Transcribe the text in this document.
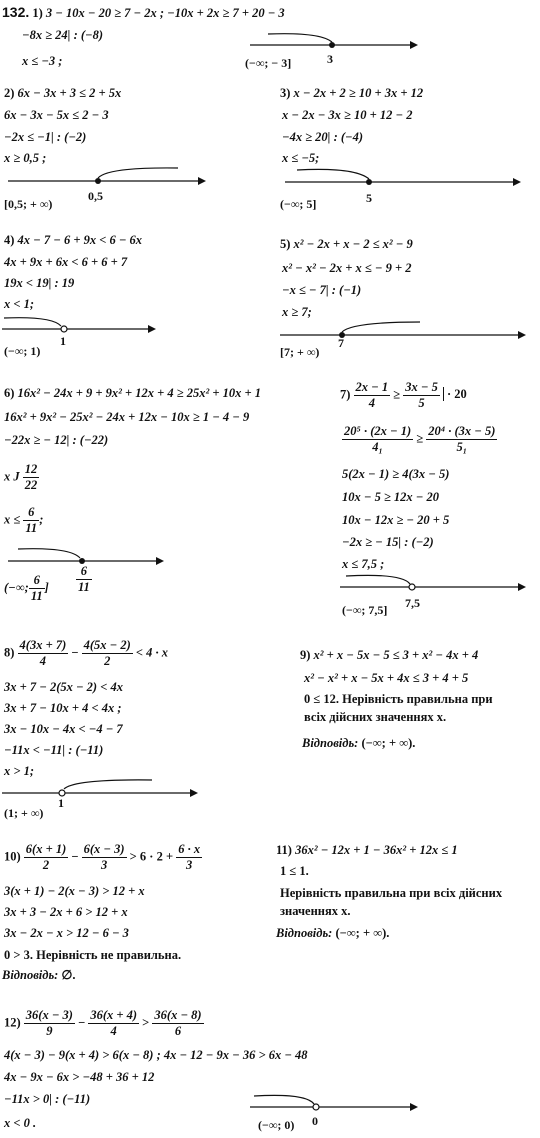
132. 1) 3 − 10x − 20 ≥ 7 − 2x ; −10x + 2x ≥ 7 + 20 − 3
−8x ≥ 24| : (−8)
x ≤ −3 ;	3
(−∞; − 3]
2) 6x − 3x + 3 ≤ 2 + 5x
6x − 3x − 5x ≤ 2 − 3
−2x ≤ −1| : (−2)
x ≥ 0,5 ;
0,5
[0,5; + ∞)
3) x − 2x + 2 ≥ 10 + 3x + 12
x − 2x − 3x ≥ 10 + 12 − 2
−4x ≥ 20| : (−4)
x ≤ −5;
5
(−∞; 5]
4) 4x − 7 − 6 + 9x < 6 − 6x
4x + 9x + 6x < 6 + 6 + 7
19x < 19| : 19
x < 1;
1
(−∞; 1)
5) x² − 2x + x − 2 ≤ x² − 9
x² − x² − 2x + x ≤ − 9 + 2
−x ≤ − 7| : (−1)
x ≥ 7;
7
[7; + ∞)
6) 16x² − 24x + 9 + 9x² + 12x + 4 ≥ 25x² + 10x + 1
16x² + 9x² − 25x² − 24x + 12x − 10x ≥ 1 − 4 − 9
−22x ≥ − 12| : (−22)
x J $\frac{12}{22}$
$x \le \frac{6}{11}$ ;
$\frac{6}{11}$
(−∞; $\frac{6}{11}$ ]
$7) \frac{2x - 1}{4} \ge \frac{3x - 5}{5} \cdot 20$
$\frac{\text{20⁵ · (2x − 1)}}{\text{4₁}} \ge \frac{\text{20⁴ · (3x − 5)}}{\text{5₁}}$
5(2x − 1) ≥ 4(3x − 5)
10x − 5 ≥ 12x − 20
10x − 12x ≥ − 20 + 5
−2x ≥ − 15| : (−2)
x ≤ 7,5 ;
7,5
(−∞; 7,5]
$8) \frac{4(3x + 7)}{4} - \frac{4(5x - 2)}{2} < 4 \cdot x$
3x + 7 − 2(5x − 2) < 4x
3x + 7 − 10x + 4 < 4x ;
3x − 10x − 4x < −4 − 7
−11x < −11| : (−11)
x > 1;
1
(1; + ∞)
9) x² + x − 5x − 5 ≤ 3 + x² − 4x + 4
x² − x² + x − 5x + 4x ≤ 3 + 4 + 5
0 ≤ 12. Нерівність правильна при
всіх дійсних значеннях x.
Відповідь: (−∞; + ∞).
$10) \frac{6(x + 1)}{2} - \frac{6(x - 3)}{3} > 6 \cdot 2 + \frac{6 \cdot x}{3}$
3(x + 1) − 2(x − 3) > 12 + x
3x + 3 − 2x + 6 > 12 + x
3x − 2x − x > 12 − 6 − 3
0 > 3. Нерівність не правильна.
Відповідь: ∅.
11) 36x² − 12x + 1 − 36x² + 12x ≤ 1
1 ≤ 1.
Нерівність правильна при всіх дійсних
значеннях x.
Відповідь: (−∞; + ∞).
$12) \frac{36(x - 3)}{9} - \frac{36(x + 4)}{4} > \frac{36(x - 8)}{6}$
4(x − 3) − 9(x + 4) > 6(x − 8) ; 4x − 12 − 9x − 36 > 6x − 48
4x − 9x − 6x > −48 + 36 + 12
−11x > 0| : (−11)
x < 0 .	0
(−∞; 0)
